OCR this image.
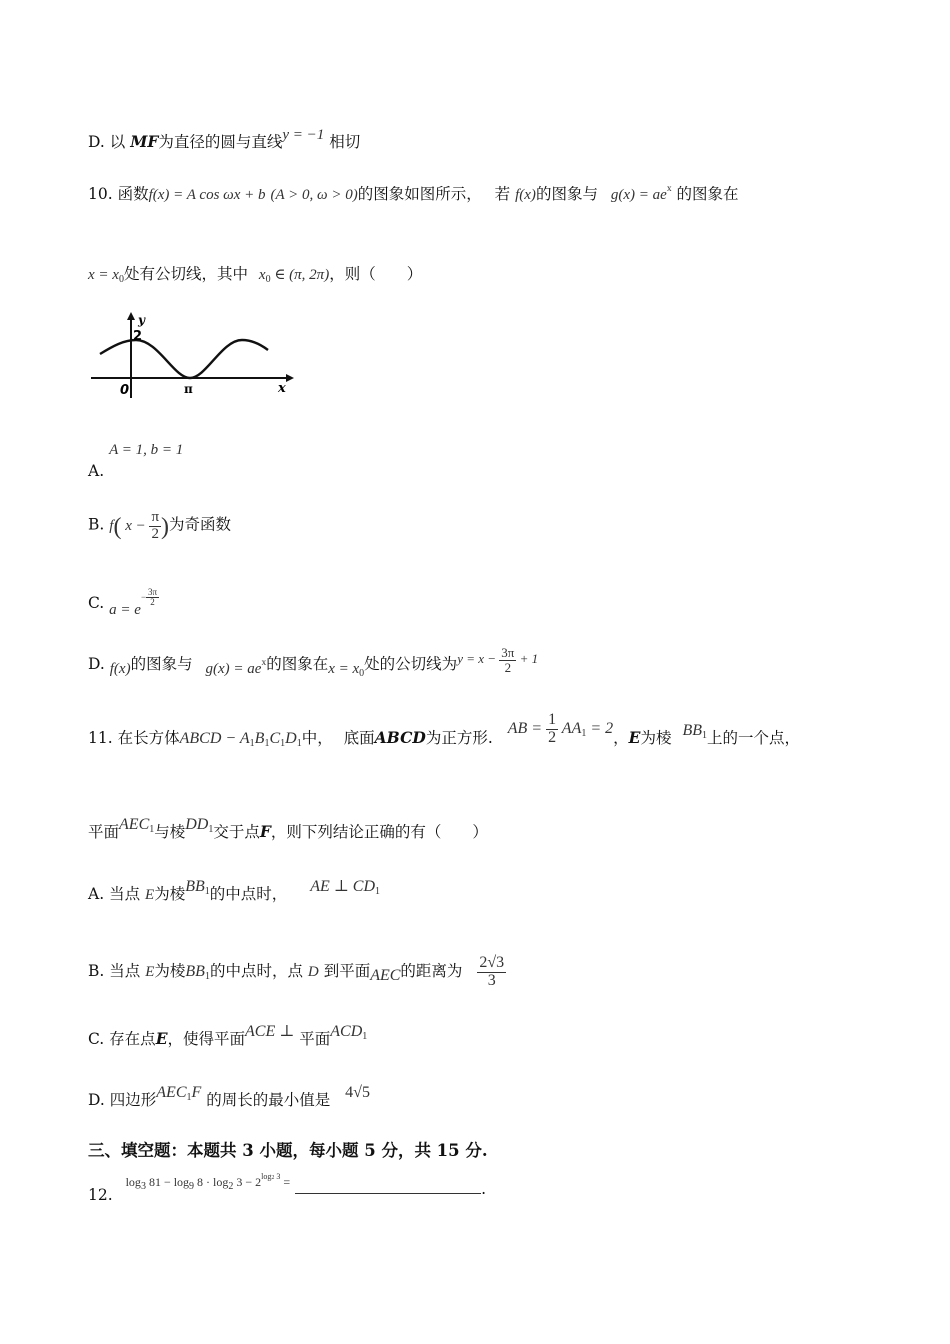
D. 以 MF为直径的圆与直线y = −1 相切
10. 函数f(x) = A cos ωx + b (A > 0, ω > 0)的图象如图所示， 若 f(x)的图象与 $g(x) = ae^x$ 的图象在
$x = x_0$处有公切线，其中 $x_0$ ∈ (π, 2π)，则（　　）
y
2
0	π	x
A. A = 1, b = 1
B. f( $x - \frac{\pi}{2}$ )为奇函数
C. $a = e^{- \frac{3\pi}{2}}$
D. f(x)的图象与 $g(x) = ae^x$的图象在$x = x_0$处的公切线为$^{y = x - \frac{3\pi}{2} + 1}$
11. 在长方体ABCD − $A_1B_1C_1D_1$中， 底面ABCD为正方形. AB = $\frac{1}{2} AA_1 = 2$，E为棱 $BB_1$上的一个点，
平面$AEC_1$与棱$DD_1$交于点F，则下列结论正确的有（　　）
A. 当点 E为棱$BB_1$的中点时， AE ⊥ $CD_1$
B. 当点 E为棱$BB_1$的中点时，点 D 到平面AEC的距离为 $\frac{2√3}{3}$
C. 存在点E，使得平面ACE ⊥ 平面$ACD_1$
D. 四边形$AEC_1F$ 的周长的最小值是 4√5
三、填空题：本题共 3 小题，每小题 5 分，共 15 分.
12. $^{log_3 81 - log_9 8 \cdot log_2 3 - 2^{log2 3} =}$	.
